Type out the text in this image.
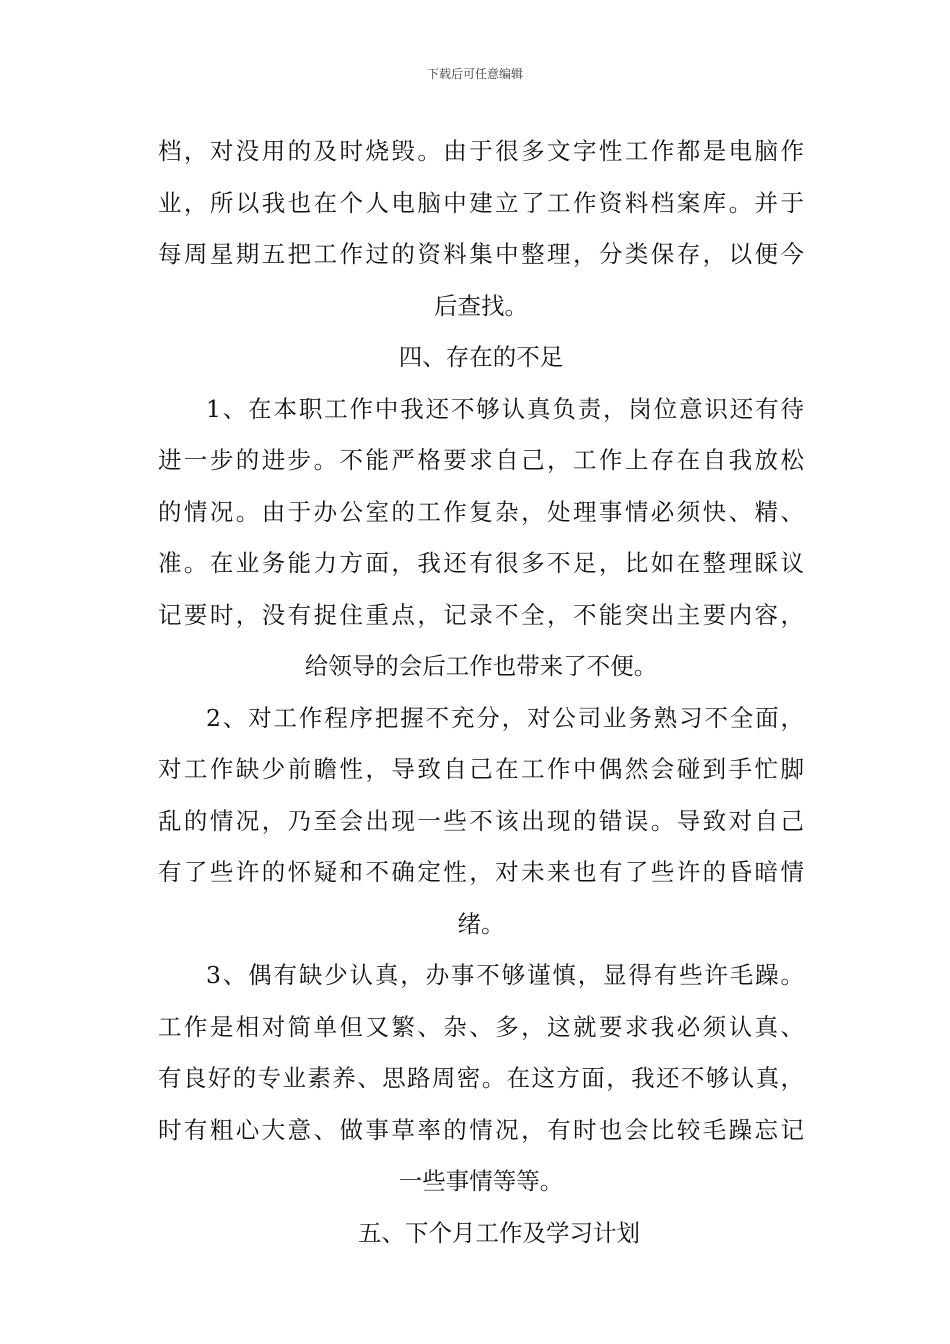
下载后可任意编辑
档，对没用的及时烧毁。由于很多文字性工作都是电脑作
业，所以我也在个人电脑中建立了工作资料档案库。并于
每周星期五把工作过的资料集中整理，分类保存，以便今
后查找。
四、存在的不足
1、在本职工作中我还不够认真负责，岗位意识还有待
进一步的进步。不能严格要求自己，工作上存在自我放松
的情况。由于办公室的工作复杂，处理事情必须快、精、
准。在业务能力方面，我还有很多不足，比如在整理睬议
记要时，没有捉住重点，记录不全，不能突出主要内容，
给领导的会后工作也带来了不便。
2、对工作程序把握不充分，对公司业务熟习不全面，
对工作缺少前瞻性，导致自己在工作中偶然会碰到手忙脚
乱的情况，乃至会出现一些不该出现的错误。导致对自己
有了些许的怀疑和不确定性，对未来也有了些许的昏暗情
绪。
3、偶有缺少认真，办事不够谨慎，显得有些许毛躁。
工作是相对简单但又繁、杂、多，这就要求我必须认真、
有良好的专业素养、思路周密。在这方面，我还不够认真，
时有粗心大意、做事草率的情况，有时也会比较毛躁忘记
一些事情等等。
五、下个月工作及学习计划
